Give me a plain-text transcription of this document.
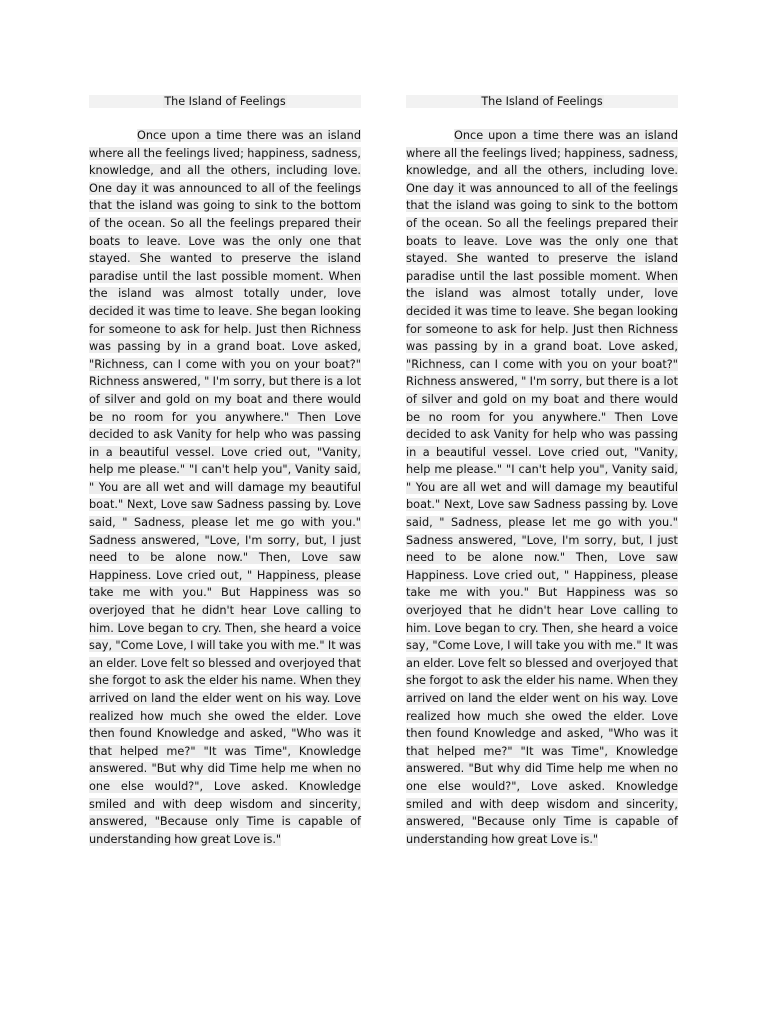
The Island of Feelings

Once upon a time there was an island where all the feelings lived; happiness, sadness, knowledge, and all the others, including love. One day it was announced to all of the feelings that the island was going to sink to the bottom of the ocean. So all the feelings prepared their boats to leave. Love was the only one that stayed. She wanted to preserve the island paradise until the last possible moment. When the island was almost totally under, love decided it was time to leave. She began looking for someone to ask for help. Just then Richness was passing by in a grand boat. Love asked, "Richness, can I come with you on your boat?" Richness answered, " I'm sorry, but there is a lot of silver and gold on my boat and there would be no room for you anywhere." Then Love decided to ask Vanity for help who was passing in a beautiful vessel. Love cried out, "Vanity, help me please." "I can't help you", Vanity said, " You are all wet and will damage my beautiful boat." Next, Love saw Sadness passing by. Love said, " Sadness, please let me go with you." Sadness answered, "Love, I'm sorry, but, I just need to be alone now." Then, Love saw Happiness. Love cried out, " Happiness, please take me with you." But Happiness was so overjoyed that he didn't hear Love calling to him. Love began to cry. Then, she heard a voice say, "Come Love, I will take you with me." It was an elder. Love felt so blessed and overjoyed that she forgot to ask the elder his name. When they arrived on land the elder went on his way. Love realized how much she owed the elder. Love then found Knowledge and asked, "Who was it that helped me?" "It was Time", Knowledge answered. "But why did Time help me when no one else would?", Love asked. Knowledge smiled and with deep wisdom and sincerity, answered, "Because only Time is capable of understanding how great Love is."

The Island of Feelings

Once upon a time there was an island where all the feelings lived; happiness, sadness, knowledge, and all the others, including love. One day it was announced to all of the feelings that the island was going to sink to the bottom of the ocean. So all the feelings prepared their boats to leave. Love was the only one that stayed. She wanted to preserve the island paradise until the last possible moment. When the island was almost totally under, love decided it was time to leave. She began looking for someone to ask for help. Just then Richness was passing by in a grand boat. Love asked, "Richness, can I come with you on your boat?" Richness answered, " I'm sorry, but there is a lot of silver and gold on my boat and there would be no room for you anywhere." Then Love decided to ask Vanity for help who was passing in a beautiful vessel. Love cried out, "Vanity, help me please." "I can't help you", Vanity said, " You are all wet and will damage my beautiful boat." Next, Love saw Sadness passing by. Love said, " Sadness, please let me go with you." Sadness answered, "Love, I'm sorry, but, I just need to be alone now." Then, Love saw Happiness. Love cried out, " Happiness, please take me with you." But Happiness was so overjoyed that he didn't hear Love calling to him. Love began to cry. Then, she heard a voice say, "Come Love, I will take you with me." It was an elder. Love felt so blessed and overjoyed that she forgot to ask the elder his name. When they arrived on land the elder went on his way. Love realized how much she owed the elder. Love then found Knowledge and asked, "Who was it that helped me?" "It was Time", Knowledge answered. "But why did Time help me when no one else would?", Love asked. Knowledge smiled and with deep wisdom and sincerity, answered, "Because only Time is capable of understanding how great Love is."
